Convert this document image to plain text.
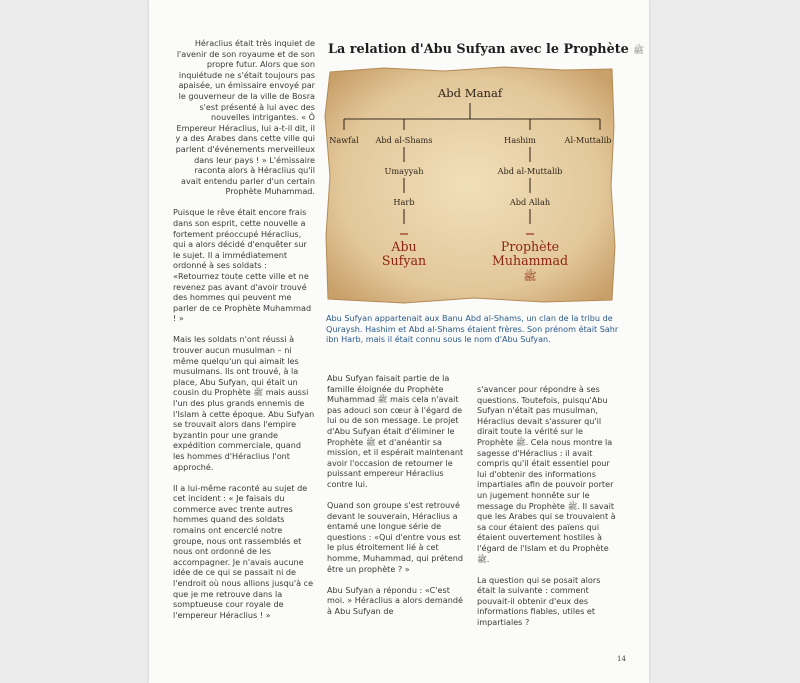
Héraclius était très inquiet de l'avenir de son royaume et de son propre futur. Alors que son inquiétude ne s'était toujours pas apaisée, un émissaire envoyé par le gouverneur de la ville de Bosra s'est présenté à lui avec des nouvelles intrigantes. « Ô Empereur Héraclius, lui a-t-il dit, il y a des Arabes dans cette ville qui parlent d'événements merveilleux dans leur pays ! » L'émissaire raconta alors à Héraclius qu'il avait entendu parler d'un certain Prophète Muhammad.

Puisque le rêve était encore frais dans son esprit, cette nouvelle a fortement préoccupé Héraclius, qui a alors décidé d'enquêter sur le sujet. Il a immédiatement ordonné à ses soldats : «Retournez toute cette ville et ne revenez pas avant d'avoir trouvé des hommes qui peuvent me parler de ce Prophète Muhammad ! »

Mais les soldats n'ont réussi à trouver aucun musulman – ni même quelqu'un qui aimait les musulmans. Ils ont trouvé, à la place, Abu Sufyan, qui était un cousin du Prophète ﷺ mais aussi l'un des plus grands ennemis de l'Islam à cette époque. Abu Sufyan se trouvait alors dans l'empire byzantin pour une grande expédition commerciale, quand les hommes d'Héraclius l'ont approché.

Il a lui-même raconté au sujet de cet incident : « Je faisais du commerce avec trente autres hommes quand des soldats romains ont encerclé notre groupe, nous ont rassemblés et nous ont ordonné de les accompagner. Je n'avais aucune idée de ce qui se passait ni de l'endroit où nous allions jusqu'à ce que je me retrouve dans la somptueuse cour royale de l'empereur Héraclius ! »

La relation d'Abu Sufyan avec le Prophète ﷺ
Abd Manaf
Nawfal Abd al-Shams	Hashim	Al-Muttalib
Umayyah	Abd al-Muttalib
Harb	Abd Allah
Abu
Sufyan
Prophète
Muhammad
ﷺ
Abu Sufyan appartenait aux Banu Abd al-Shams, un clan de la tribu de Quraysh. Hashim et Abd al-Shams étaient frères. Son prénom était Sahr ibn Harb, mais il était connu sous le nom d'Abu Sufyan.

Abu Sufyan faisait partie de la famille éloignée du Prophète Muhammad ﷺ mais cela n'avait pas adouci son cœur à l'égard de lui ou de son message. Le projet d'Abu Sufyan était d'éliminer le Prophète ﷺ et d'anéantir sa mission, et il espérait maintenant avoir l'occasion de retourner le puissant empereur Héraclius contre lui.

Quand son groupe s'est retrouvé devant le souverain, Héraclius a entamé une longue série de questions : «Qui d'entre vous est le plus étroitement lié à cet homme, Muhammad, qui prétend être un prophète ? »

Abu Sufyan a répondu : «C'est moi. » Héraclius a alors demandé à Abu Sufyan de

s'avancer pour répondre à ses questions. Toutefois, puisqu'Abu Sufyan n'était pas musulman, Héraclius devait s'assurer qu'il dirait toute la vérité sur le Prophète ﷺ. Cela nous montre la sagesse d'Héraclius : il avait compris qu'il était essentiel pour lui d'obtenir des informations impartiales afin de pouvoir porter un jugement honnête sur le message du Prophète ﷺ. Il savait que les Arabes qui se trouvaient à sa cour étaient des païens qui étaient ouvertement hostiles à l'égard de l'Islam et du Prophète ﷺ.

La question qui se posait alors était la suivante : comment pouvait-il obtenir d'eux des informations fiables, utiles et impartiales ?

14
